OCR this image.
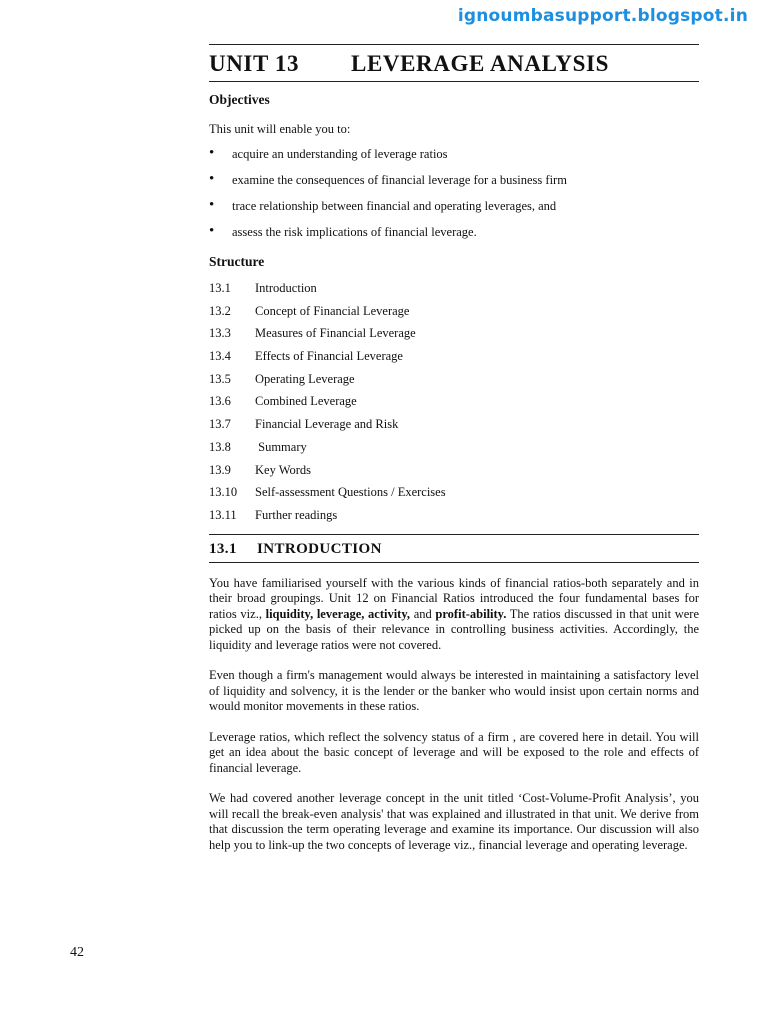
ignoumbasupport.blogspot.in
UNIT 13	LEVERAGE ANALYSIS
Objectives
This unit will enable you to:
• acquire an understanding of leverage ratios
• examine the consequences of financial leverage for a business firm
• trace relationship between financial and operating leverages, and
• assess the risk implications of financial leverage.
Structure
13.1	Introduction
13.2	Concept of Financial Leverage
13.3	Measures of Financial Leverage
13.4	Effects of Financial Leverage
13.5	Operating Leverage
13.6	Combined Leverage
13.7	Financial Leverage and Risk
13.8	Summary
13.9	Key Words
13.10	Self-assessment Questions / Exercises
13.11	Further readings
13.1	INTRODUCTION
You have familiarised yourself with the various kinds of financial ratios-both separately and in their broad groupings. Unit 12 on Financial Ratios introduced the four fundamental bases for ratios viz., liquidity, leverage, activity, and profit-ability. The ratios discussed in that unit were picked up on the basis of their relevance in controlling business activities. Accordingly, the liquidity and leverage ratios were not covered.
Even though a firm's management would always be interested in maintaining a satisfactory level of liquidity and solvency, it is the lender or the banker who would insist upon certain norms and would monitor movements in these ratios.
Leverage ratios, which reflect the solvency status of a firm , are covered here in detail. You will get an idea about the basic concept of leverage and will be exposed to the role and effects of financial leverage.
We had covered another leverage concept in the unit titled ‘Cost-Volume-Profit Analysis’, you will recall the break-even analysis' that was explained and illustrated in that unit. We derive from that discussion the term operating leverage and examine its importance. Our discussion will also help you to link-up the two concepts of leverage viz., financial leverage and operating leverage.
42
